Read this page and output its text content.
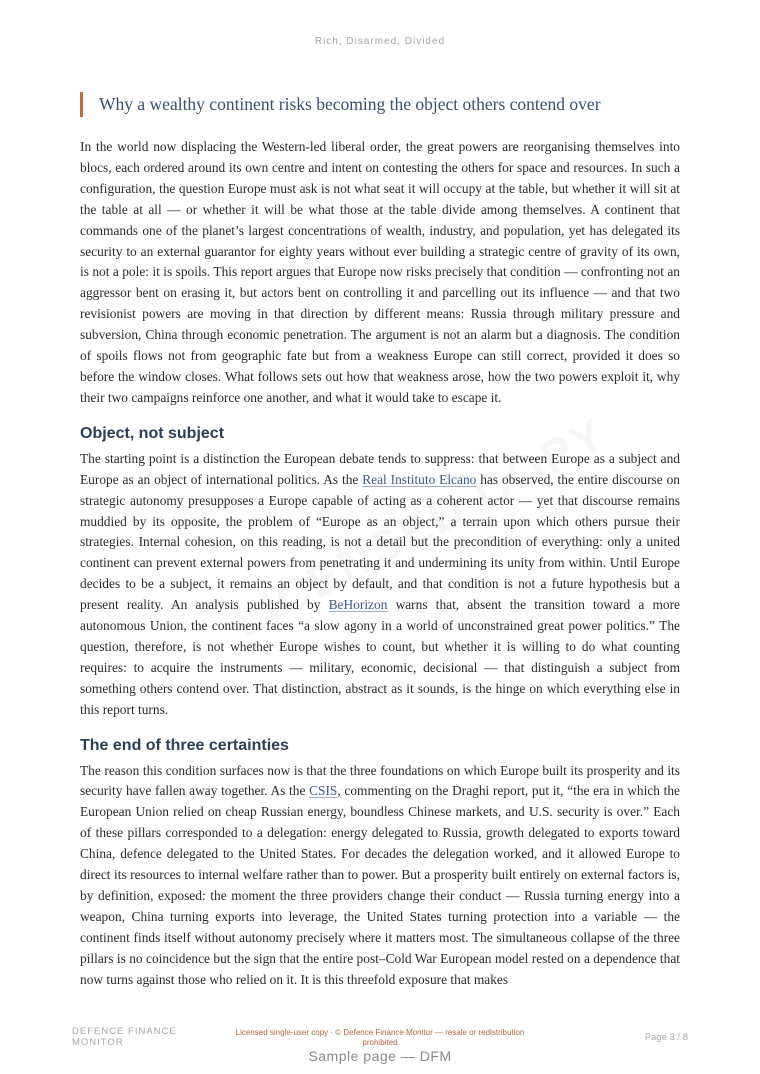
Rich, Disarmed, Divided
Why a wealthy continent risks becoming the object others contend over

In the world now displacing the Western-led liberal order, the great powers are reorganising themselves into blocs, each ordered around its own centre and intent on contesting the others for space and resources. In such a configuration, the question Europe must ask is not what seat it will occupy at the table, but whether it will sit at the table at all — or whether it will be what those at the table divide among themselves. A continent that commands one of the planet’s largest concentrations of wealth, industry, and population, yet has delegated its security to an external guarantor for eighty years without ever building a strategic centre of gravity of its own, is not a pole: it is spoils. This report argues that Europe now risks precisely that condition — confronting not an aggressor bent on erasing it, but actors bent on controlling it and parcelling out its influence — and that two revisionist powers are moving in that direction by different means: Russia through military pressure and subversion, China through economic penetration. The argument is not an alarm but a diagnosis. The condition of spoils flows not from geographic fate but from a weakness Europe can still correct, provided it does so before the window closes. What follows sets out how that weakness arose, how the two powers exploit it, why their two campaigns reinforce one another, and what it would take to escape it.

Object, not subject

The starting point is a distinction the European debate tends to suppress: that between Europe as a subject and Europe as an object of international politics. As the Real Instituto Elcano has observed, the entire discourse on strategic autonomy presupposes a Europe capable of acting as a coherent actor — yet that discourse remains muddied by its opposite, the problem of “Europe as an object,” a terrain upon which others pursue their strategies. Internal cohesion, on this reading, is not a detail but the precondition of everything: only a united continent can prevent external powers from penetrating it and undermining its unity from within. Until Europe decides to be a subject, it remains an object by default, and that condition is not a future hypothesis but a present reality. An analysis published by BeHorizon warns that, absent the transition toward a more autonomous Union, the continent faces “a slow agony in a world of unconstrained great power politics.” The question, therefore, is not whether Europe wishes to count, but whether it is willing to do what counting requires: to acquire the instruments — military, economic, decisional — that distinguish a subject from something others contend over. That distinction, abstract as it sounds, is the hinge on which everything else in this report turns.

The end of three certainties

The reason this condition surfaces now is that the three foundations on which Europe built its prosperity and its security have fallen away together. As the CSIS, commenting on the Draghi report, put it, “the era in which the European Union relied on cheap Russian energy, boundless Chinese markets, and U.S. security is over.” Each of these pillars corresponded to a delegation: energy delegated to Russia, growth delegated to exports toward China, defence delegated to the United States. For decades the delegation worked, and it allowed Europe to direct its resources to internal welfare rather than to power. But a prosperity built entirely on external factors is, by definition, exposed: the moment the three providers change their conduct — Russia turning energy into a weapon, China turning exports into leverage, the United States turning protection into a variable — the continent finds itself without autonomy precisely where it matters most. The simultaneous collapse of the three pillars is no coincidence but the sign that the entire post–Cold War European model rested on a dependence that now turns against those who relied on it. It is this threefold exposure that makes

DEFENCE FINANCE MONITOR
Licensed single-user copy · © Defence Finance Monitor — resale or redistribution prohibited	Page 3 / 8
Sample page — DFM
